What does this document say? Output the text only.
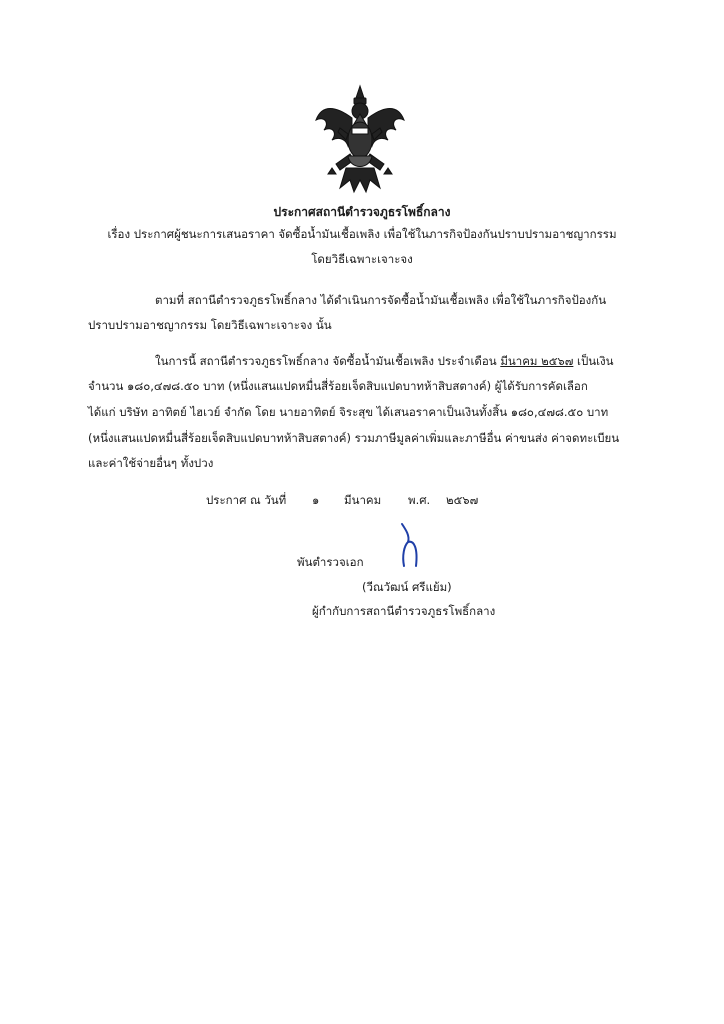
ประกาศสถานีตำรวจภูธรโพธิ์กลาง
เรื่อง ประกาศผู้ชนะการเสนอราคา จัดซื้อน้ำมันเชื้อเพลิง เพื่อใช้ในภารกิจป้องกันปราบปรามอาชญากรรม
โดยวิธีเฉพาะเจาะจง
ตามที่ สถานีตำรวจภูธรโพธิ์กลาง ได้ดำเนินการจัดซื้อน้ำมันเชื้อเพลิง เพื่อใช้ในภารกิจป้องกัน
ปราบปรามอาชญากรรม โดยวิธีเฉพาะเจาะจง นั้น
ในการนี้ สถานีตำรวจภูธรโพธิ์กลาง จัดซื้อน้ำมันเชื้อเพลิง ประจำเดือน มีนาคม ๒๕๖๗ เป็นเงิน
จำนวน ๑๘๐,๔๗๘.๕๐ บาท (หนึ่งแสนแปดหมื่นสี่ร้อยเจ็ดสิบแปดบาทห้าสิบสตางค์) ผู้ได้รับการคัดเลือก
ได้แก่ บริษัท อาทิตย์ ไฮเวย์ จำกัด โดย นายอาทิตย์ จิระสุข ได้เสนอราคาเป็นเงินทั้งสิ้น ๑๘๐,๔๗๘.๕๐ บาท
(หนึ่งแสนแปดหมื่นสี่ร้อยเจ็ดสิบแปดบาทห้าสิบสตางค์) รวมภาษีมูลค่าเพิ่มและภาษีอื่น ค่าขนส่ง ค่าจดทะเบียน
และค่าใช้จ่ายอื่นๆ ทั้งปวง
ประกาศ ณ วันที่ ๑ มีนาคม พ.ศ. ๒๕๖๗
พันตำรวจเอก
(วีณวัฒน์ ศรีแย้ม)
ผู้กำกับการสถานีตำรวจภูธรโพธิ์กลาง
